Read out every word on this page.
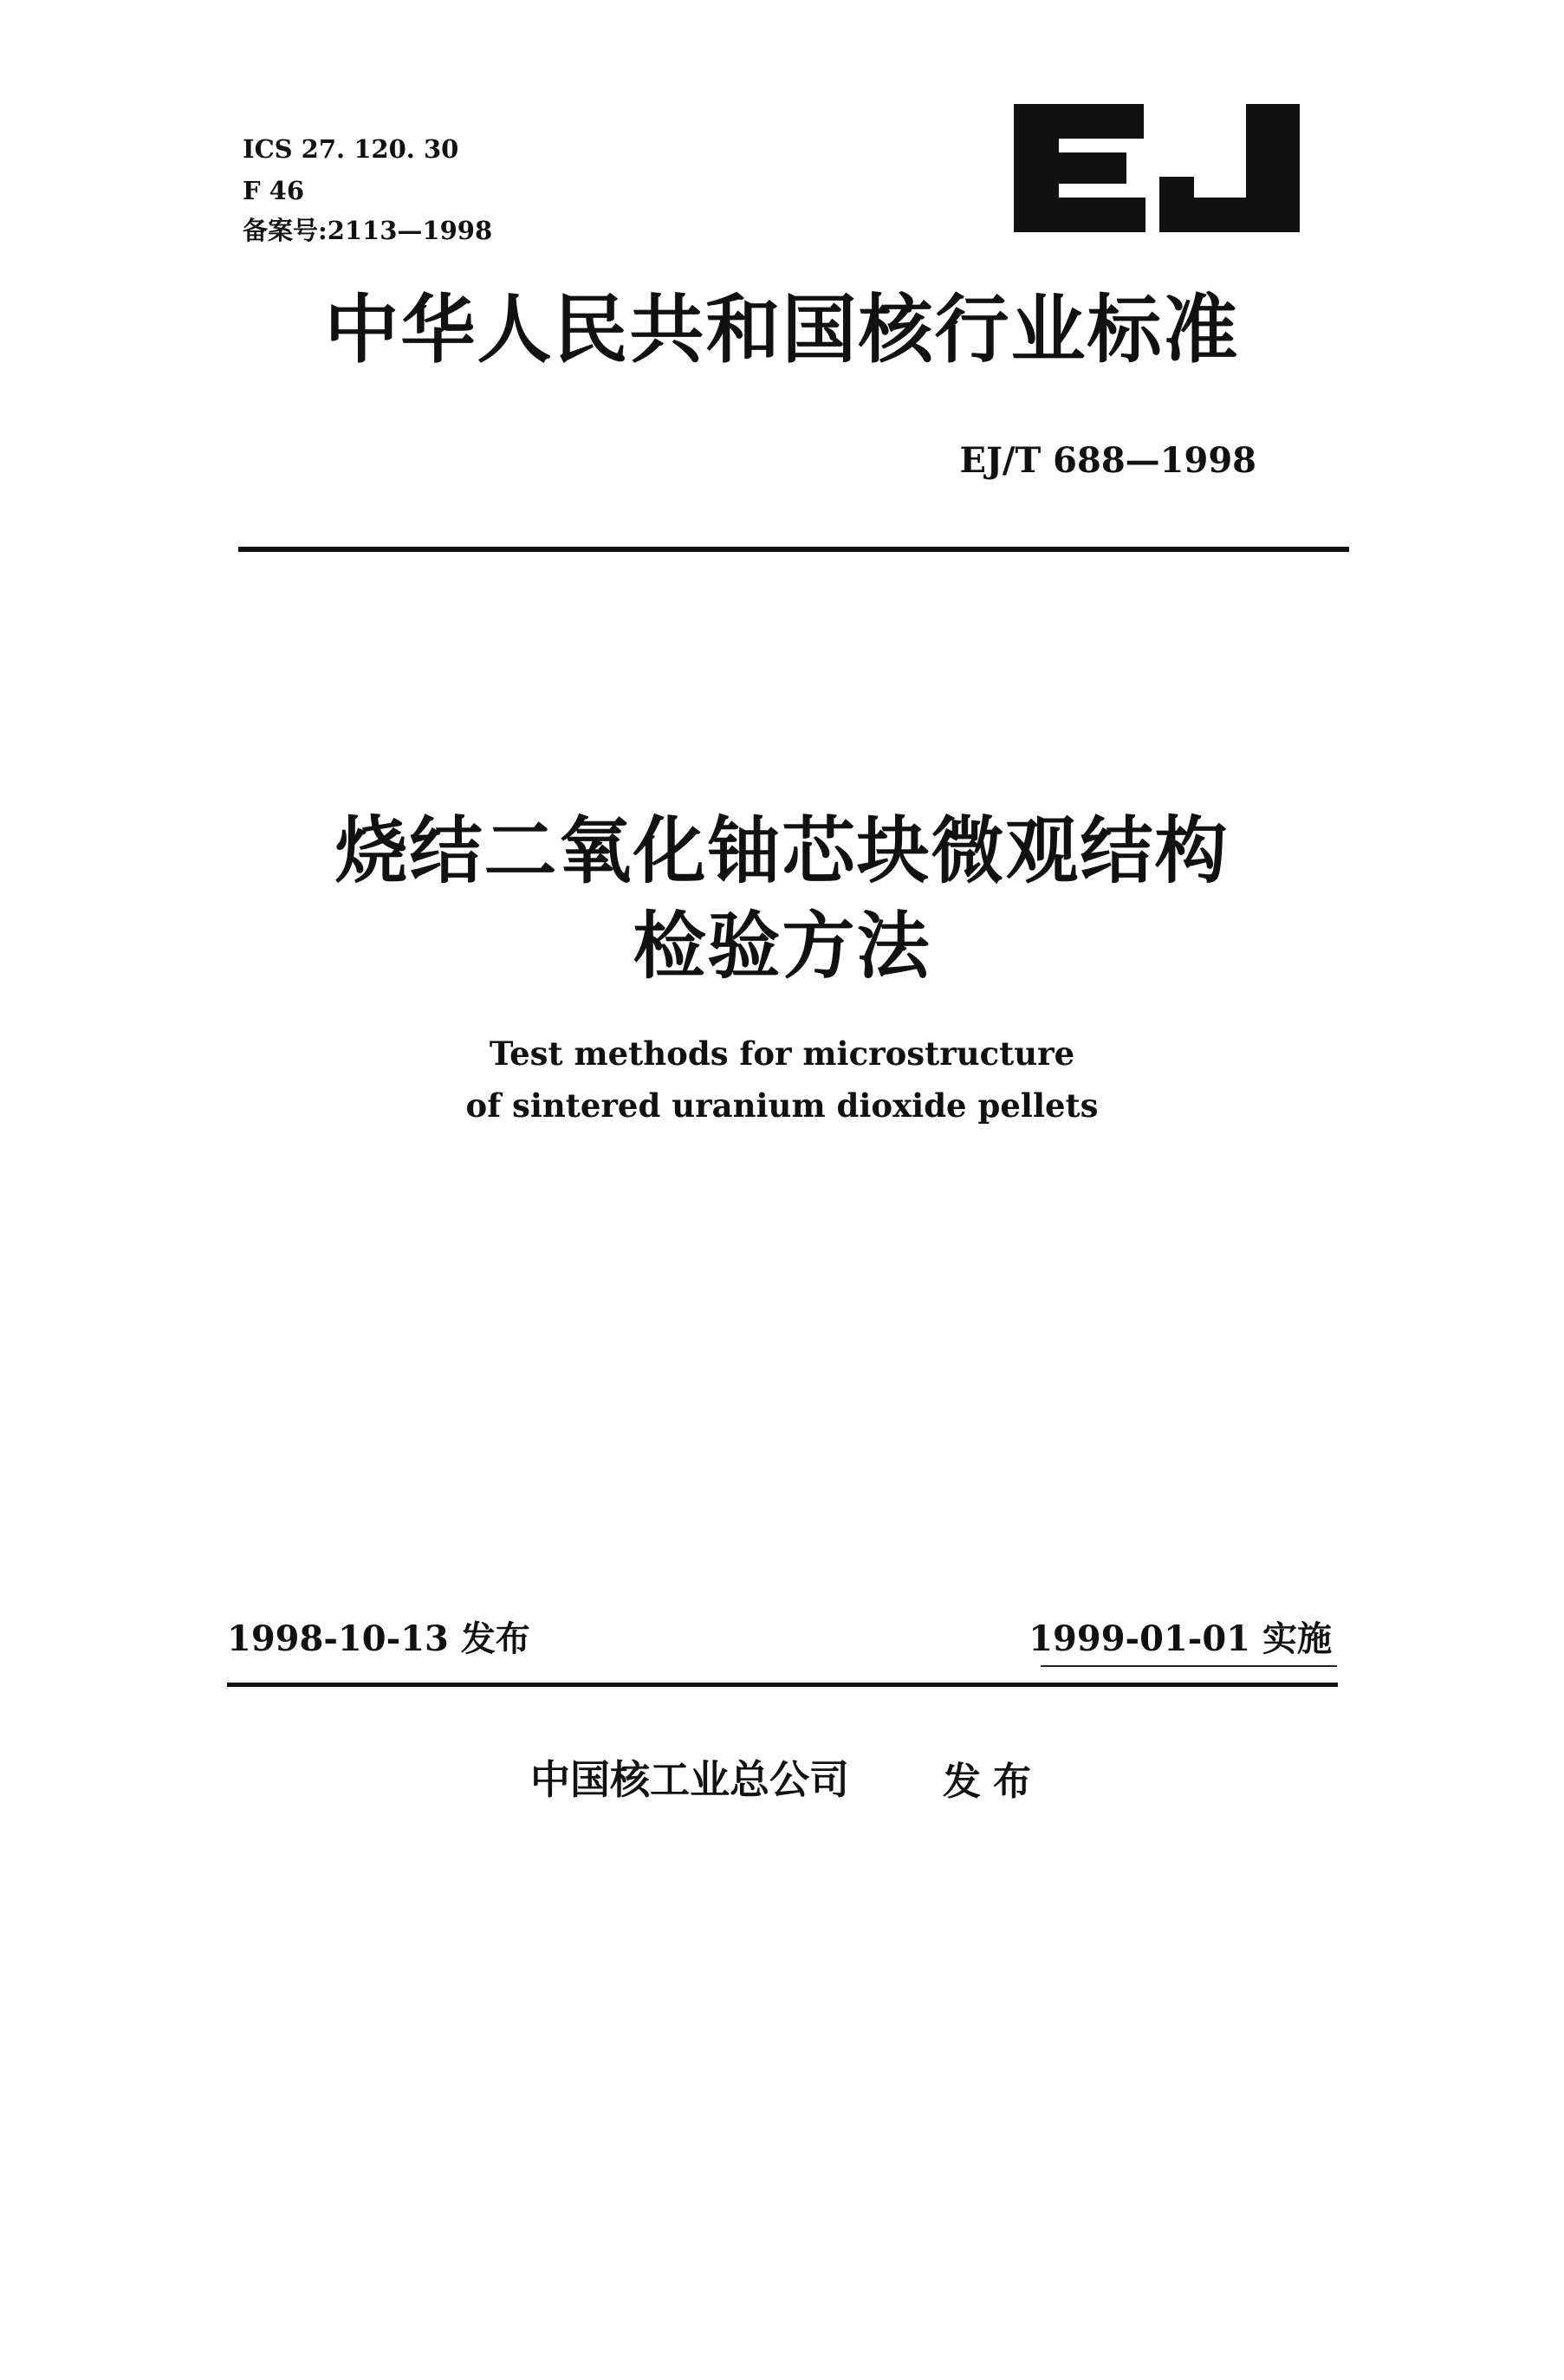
ICS 27. 120. 30
F 46
备案号:2113—1998
中华人民共和国核行业标准
EJ/T 688—1998
烧结二氧化铀芯块微观结构
检验方法
Test methods for microstructure
of sintered uranium dioxide pellets
1998-10-13 发布	1999-01-01 实施
中国核工业总公司 发布
